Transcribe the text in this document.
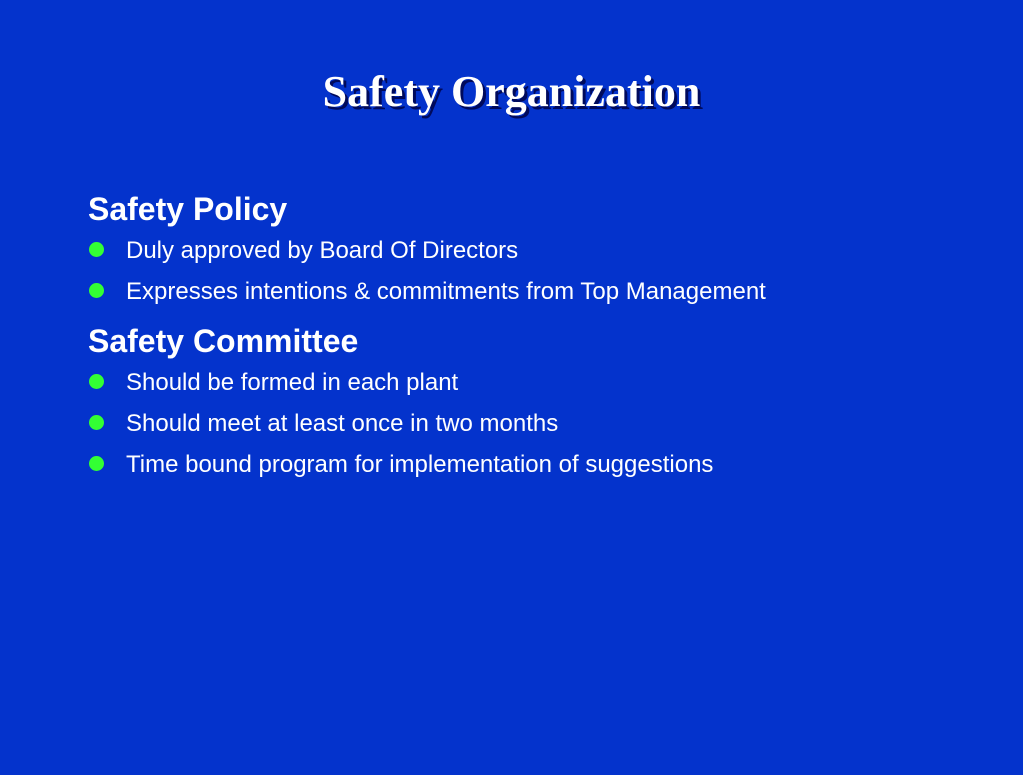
Safety Organization
Safety Policy
Duly approved by Board Of Directors
Expresses intentions & commitments from Top Management
Safety Committee
Should be formed in each plant
Should meet at least once in two months
Time bound program for implementation of suggestions
